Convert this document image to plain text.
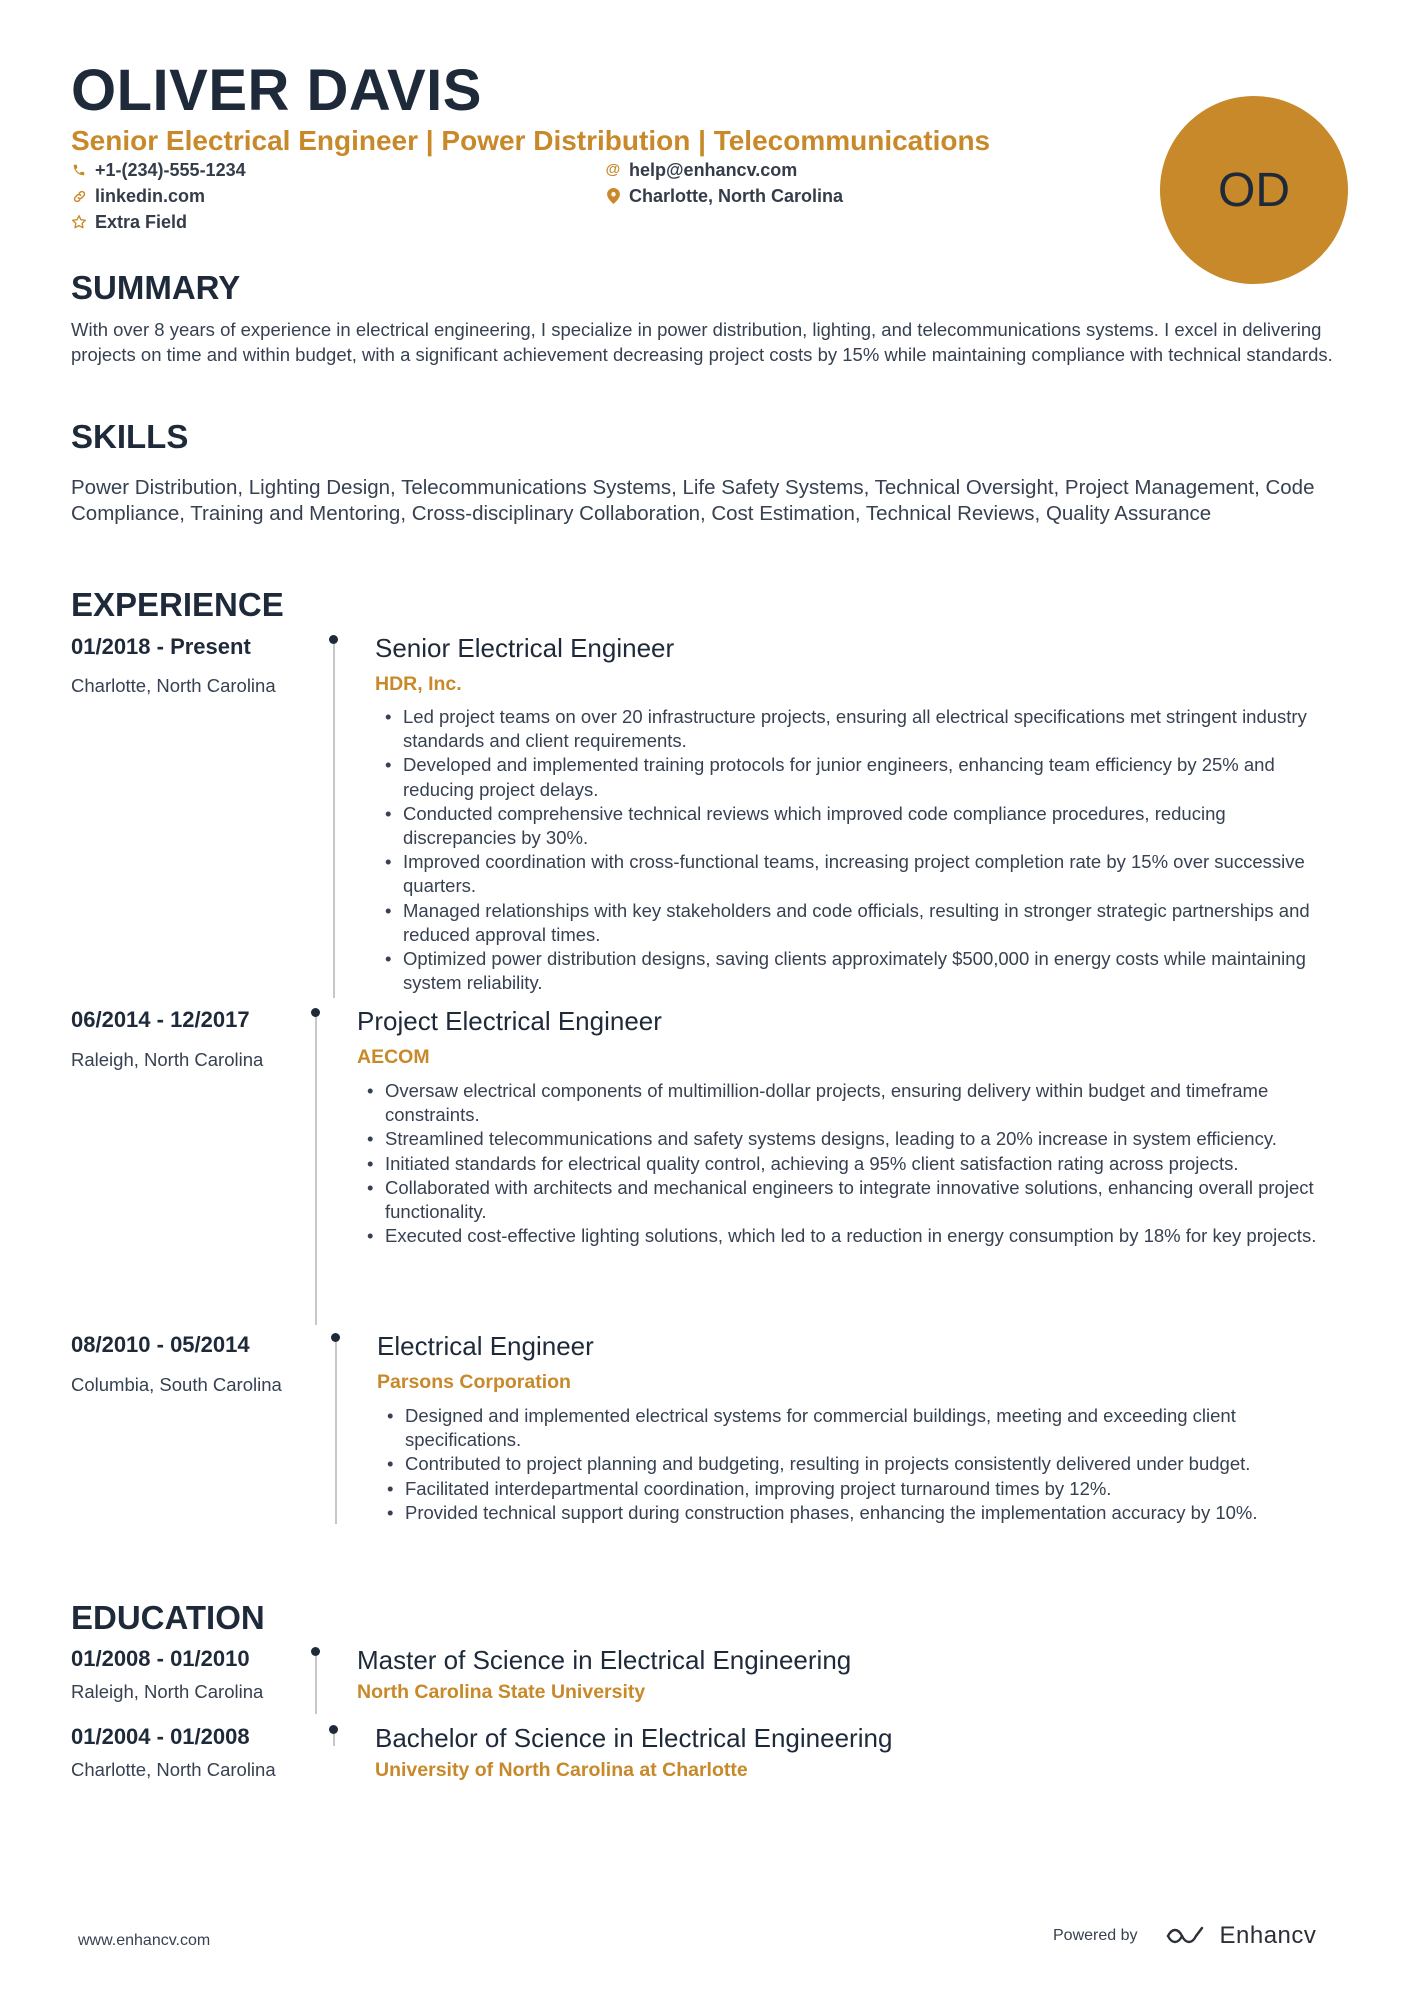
OLIVER DAVIS
Senior Electrical Engineer | Power Distribution | Telecommunications
+1-(234)-555-1234	@ help@enhancv.com
linkedin.com	Charlotte, North Carolina
Extra Field
OD
SUMMARY
With over 8 years of experience in electrical engineering, I specialize in power distribution, lighting, and telecommunications systems. I excel in delivering projects on time and within budget, with a significant achievement decreasing project costs by 15% while maintaining compliance with technical standards.
SKILLS
Power Distribution, Lighting Design, Telecommunications Systems, Life Safety Systems, Technical Oversight, Project Management, Code Compliance, Training and Mentoring, Cross-disciplinary Collaboration, Cost Estimation, Technical Reviews, Quality Assurance
EXPERIENCE
01/2018 - Present
Charlotte, North Carolina
Senior Electrical Engineer
HDR, Inc.
• Led project teams on over 20 infrastructure projects, ensuring all electrical specifications met stringent industry standards and client requirements.
• Developed and implemented training protocols for junior engineers, enhancing team efficiency by 25% and reducing project delays.
• Conducted comprehensive technical reviews which improved code compliance procedures, reducing discrepancies by 30%.
• Improved coordination with cross-functional teams, increasing project completion rate by 15% over successive quarters.
• Managed relationships with key stakeholders and code officials, resulting in stronger strategic partnerships and reduced approval times.
• Optimized power distribution designs, saving clients approximately $500,000 in energy costs while maintaining system reliability.
06/2014 - 12/2017
Raleigh, North Carolina
Project Electrical Engineer
AECOM
• Oversaw electrical components of multimillion-dollar projects, ensuring delivery within budget and timeframe constraints.
• Streamlined telecommunications and safety systems designs, leading to a 20% increase in system efficiency.
• Initiated standards for electrical quality control, achieving a 95% client satisfaction rating across projects.
• Collaborated with architects and mechanical engineers to integrate innovative solutions, enhancing overall project functionality.
• Executed cost-effective lighting solutions, which led to a reduction in energy consumption by 18% for key projects.
08/2010 - 05/2014
Columbia, South Carolina
Electrical Engineer
Parsons Corporation
• Designed and implemented electrical systems for commercial buildings, meeting and exceeding client specifications.
• Contributed to project planning and budgeting, resulting in projects consistently delivered under budget.
• Facilitated interdepartmental coordination, improving project turnaround times by 12%.
• Provided technical support during construction phases, enhancing the implementation accuracy by 10%.
EDUCATION
01/2008 - 01/2010
Raleigh, North Carolina
Master of Science in Electrical Engineering
North Carolina State University
01/2004 - 01/2008
Charlotte, North Carolina
Bachelor of Science in Electrical Engineering
University of North Carolina at Charlotte
www.enhancv.com	Powered by	Enhancv
